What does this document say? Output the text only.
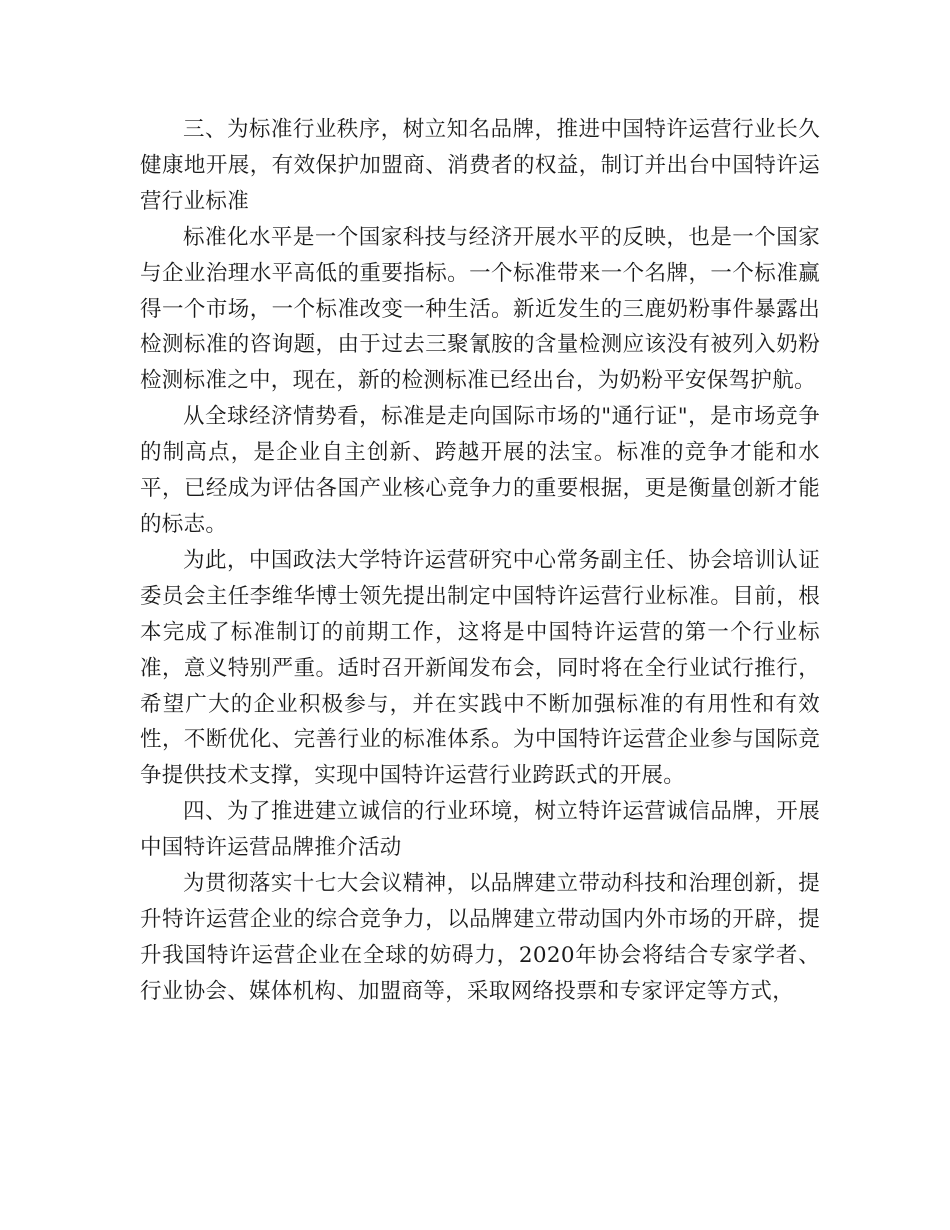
三、为标准行业秩序，树立知名品牌，推进中国特许运营行业长久健康地开展，有效保护加盟商、消费者的权益，制订并出台中国特许运营行业标准

标准化水平是一个国家科技与经济开展水平的反映，也是一个国家与企业治理水平高低的重要指标。一个标准带来一个名牌，一个标准赢得一个市场，一个标准改变一种生活。新近发生的三鹿奶粉事件暴露出检测标准的咨询题，由于过去三聚氰胺的含量检测应该没有被列入奶粉检测标准之中，现在，新的检测标准已经出台，为奶粉平安保驾护航。

从全球经济情势看，标准是走向国际市场的"通行证"，是市场竞争的制高点，是企业自主创新、跨越开展的法宝。标准的竞争才能和水平，已经成为评估各国产业核心竞争力的重要根据，更是衡量创新才能的标志。

为此，中国政法大学特许运营研究中心常务副主任、协会培训认证委员会主任李维华博士领先提出制定中国特许运营行业标准。目前，根本完成了标准制订的前期工作，这将是中国特许运营的第一个行业标准，意义特别严重。适时召开新闻发布会，同时将在全行业试行推行，希望广大的企业积极参与，并在实践中不断加强标准的有用性和有效性，不断优化、完善行业的标准体系。为中国特许运营企业参与国际竞争提供技术支撑，实现中国特许运营行业跨跃式的开展。

四、为了推进建立诚信的行业环境，树立特许运营诚信品牌，开展中国特许运营品牌推介活动

为贯彻落实十七大会议精神，以品牌建立带动科技和治理创新，提升特许运营企业的综合竞争力，以品牌建立带动国内外市场的开辟，提升我国特许运营企业在全球的妨碍力，2020年协会将结合专家学者、行业协会、媒体机构、加盟商等，采取网络投票和专家评定等方式，
